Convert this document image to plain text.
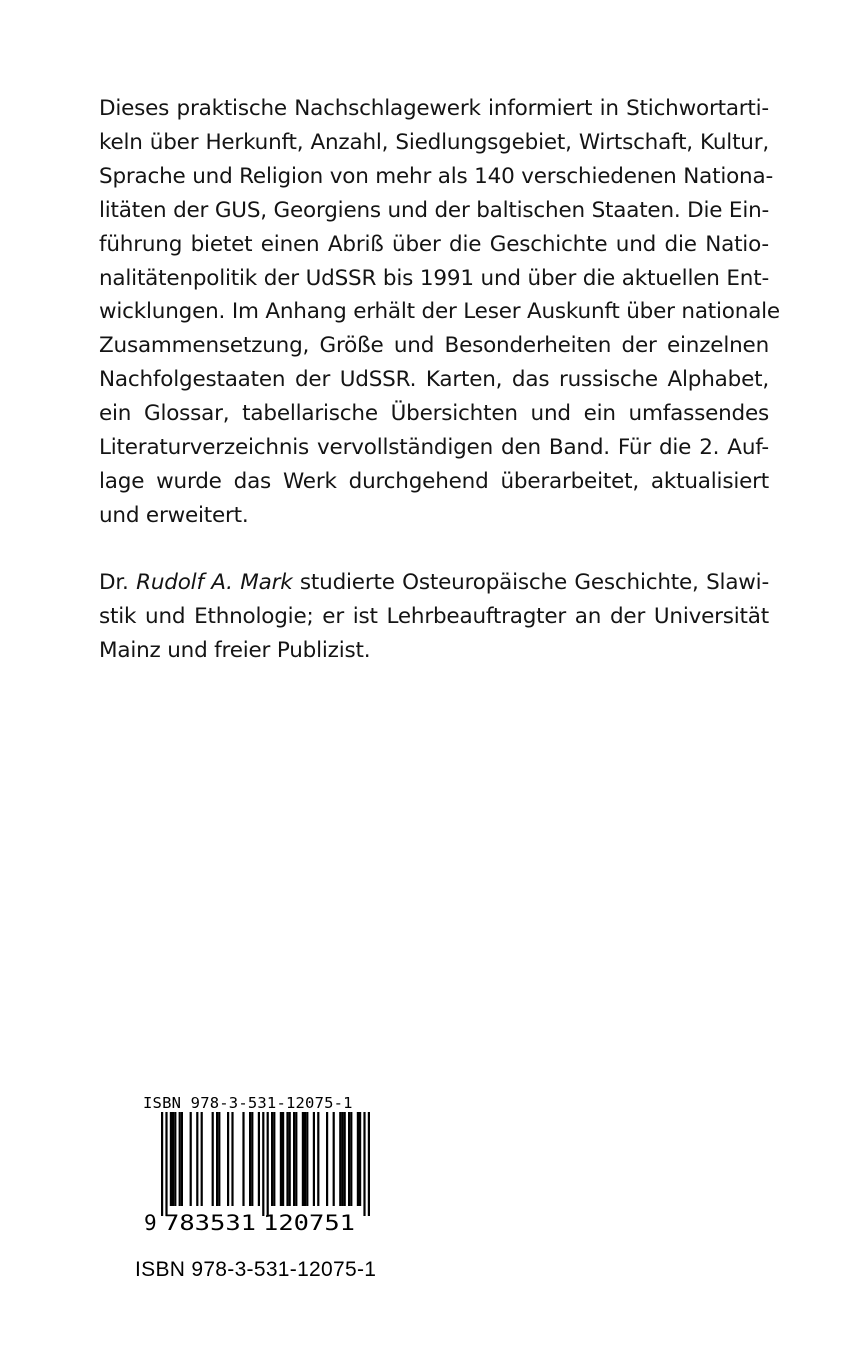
Dieses praktische Nachschlagewerk informiert in Stichwortarti-
keln über Herkunft, Anzahl, Siedlungsgebiet, Wirtschaft, Kultur,
Sprache und Religion von mehr als 140 verschiedenen Nationa-
litäten der GUS, Georgiens und der baltischen Staaten. Die Ein-
führung bietet einen Abriß über die Geschichte und die Natio-
nalitätenpolitik der UdSSR bis 1991 und über die aktuellen Ent-
wicklungen. Im Anhang erhält der Leser Auskunft über nationale
Zusammensetzung, Größe und Besonderheiten der einzelnen
Nachfolgestaaten der UdSSR. Karten, das russische Alphabet,
ein Glossar, tabellarische Übersichten und ein umfassendes
Literaturverzeichnis vervollständigen den Band. Für die 2. Auf-
lage wurde das Werk durchgehend überarbeitet, aktualisiert
und erweitert.
Dr. Rudolf A. Mark studierte Osteuropäische Geschichte, Slawi-
stik und Ethnologie; er ist Lehrbeauftragter an der Universität
Mainz und freier Publizist.
ISBN 978-3-531-12075-1
9 783531 120751
ISBN 978-3-531-12075-1
